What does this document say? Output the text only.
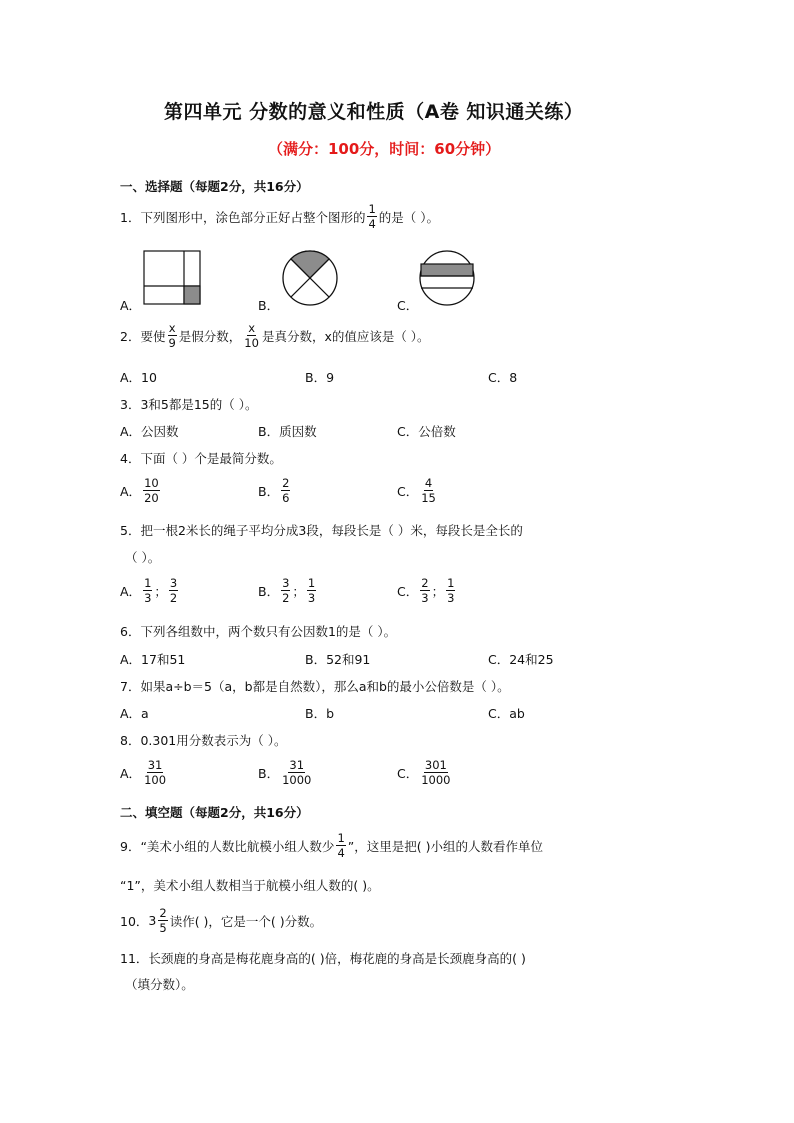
第四单元 分数的意义和性质（A卷 知识通关练）
（满分：100分，时间：60分钟）
一、选择题（每题2分，共16分）
1．下列图形中，涂色部分正好占整个图形的 $\frac{1}{4}$ 的是（ ）。
A．	B．	C．
2．要使 $\frac{x}{9}$ 是假分数， $\frac{x}{10}$ 是真分数，x的值应该是（ ）。
A．10	B．9	C．8
3．3和5都是15的（ ）。
A．公因数	B．质因数	C．公倍数
4．下面（ ）个是最简分数。
A． $\frac{10}{20}$	B． $\frac{2}{6}$	C． $\frac{4}{15}$
5．把一根2米长的绳子平均分成3段，每段长是（ ）米，每段长是全长的
（ ）。
A． $\frac{1}{3}$ ； $\frac{3}{2}$	B． $\frac{3}{2}$ ； $\frac{1}{3}$	C． $\frac{2}{3}$ ； $\frac{1}{3}$
6．下列各组数中，两个数只有公因数1的是（ ）。
A．17和51	B．52和91	C．24和25
7．如果a÷b＝5（a，b都是自然数），那么a和b的最小公倍数是（ ）。
A．a	B．b	C．ab
8．0.301用分数表示为（ ）。
A． $\frac{31}{100}$	B． $\frac{31}{1000}$	C． $\frac{301}{1000}$
二、填空题（每题2分，共16分）
9．“美术小组的人数比航模小组人数少 $\frac{1}{4}$ ”，这里是把( )小组的人数看作单位
“1”，美术小组人数相当于航模小组人数的( )。
10． $3 \frac{2}{5}$ 读作( )，它是一个( )分数。
11．长颈鹿的身高是梅花鹿身高的( )倍，梅花鹿的身高是长颈鹿身高的( )
（填分数）。
